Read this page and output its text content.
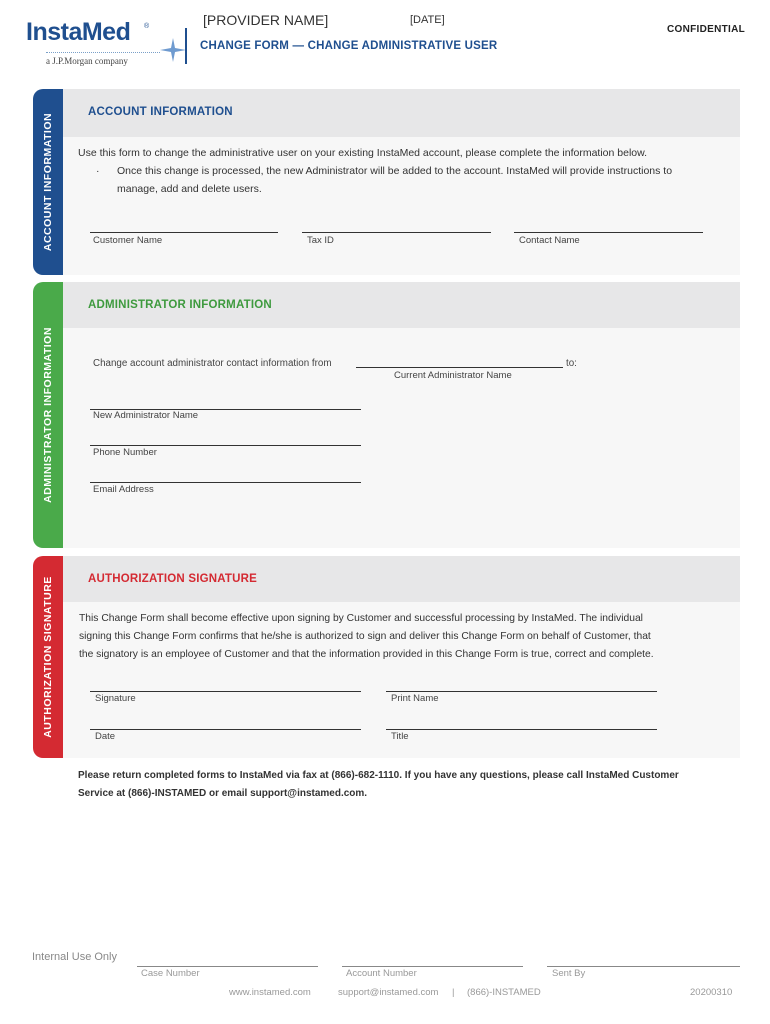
InstaMed ®
a J.P.Morgan company
[PROVIDER NAME]	[DATE]
CHANGE FORM — CHANGE ADMINISTRATIVE USER
CONFIDENTIAL
ACCOUNT INFORMATION
ACCOUNT INFORMATION
Use this form to change the administrative user on your existing InstaMed account, please complete the information below.
· Once this change is processed, the new Administrator will be added to the account. InstaMed will provide instructions to
manage, add and delete users.
Customer Name	Tax ID	Contact Name
ADMINISTRATOR INFORMATION
ADMINISTRATOR INFORMATION
Change account administrator contact information from	to:
Current Administrator Name
New Administrator Name
Phone Number
Email Address
AUTHORIZATION SIGNATURE	AUTHORIZATION SIGNATURE
This Change Form shall become effective upon signing by Customer and successful processing by InstaMed. The individual
signing this Change Form confirms that he/she is authorized to sign and deliver this Change Form on behalf of Customer, that
the signatory is an employee of Customer and that the information provided in this Change Form is true, correct and complete.
Signature	Print Name
Date	Title
Please return completed forms to InstaMed via fax at (866)-682-1110. If you have any questions, please call InstaMed Customer Service at (866)-INSTAMED or email support@instamed.com.
Internal Use Only
Case Number	Account Number	Sent By
www.instamed.com	support@instamed.com | (866)-INSTAMED	20200310
